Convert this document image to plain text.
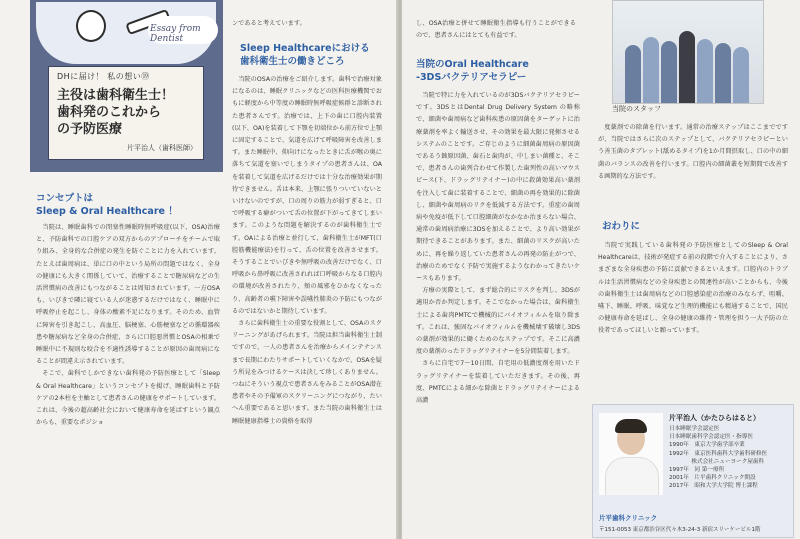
Essay from Dentist
DHに届け！ 私の想い⑲
主役は歯科衛生士！
歯科発のこれから
の予防医療
片平治人（歯科医師）
コンセプトは
Sleep & Oral Healthcare ！

当院は、睡眠歯科での閉塞性睡眠時無呼吸症(以下、OSA)治療と、予防歯科での口腔ケアの双方からのアプローチをチームで取り組み、全身的な合併症の発生を防ぐことに力を入れています。たとえば歯周病は、単に口の中という局所の問題ではなく、全身の健康にも大きく関係していて、治療することで糖尿病などの生活習慣病の改善にもつながることは周知されています。一方OSAも、いびきで隣に寝ている人が迷惑するだけではなく、睡眠中に呼吸停止を起こし、身体の酸素不足になります。そのため、血管に障害を引き起こし、高血圧、脳梗塞、心筋梗塞などの循環器疾患や糖尿病など全身の合併症、さらに口腔悪習慣とOSAの相乗で睡眠中に不規則な咬合を不適性誘導することが原因の歯周病になることが間違え示されています。

そこで、歯科でしかできない歯科発の予防医療として「Sleep & Oral Healthcare」というコンセプトを掲げ、睡眠歯科と予防ケアの2本柱を主軸として患者さんの健康をサポートしています。これは、今後の超高齢社会において健康寿命を延ばすという観点からも、重要なポジショ

ンであると考えています。

Sleep Healthcareにおける
歯科衛生士の働きどころ

当院のOSAの治療をご紹介します。歯科で治療対象になるのは、睡眠クリニックなどの医科医療機関でおもに軽度から中等度の睡眠時無呼吸症候群と診断された患者さんです。治療では、上下の歯に口腔内装置(以下、OA)を装着して下顎を切端位から前方位で上顎に固定することで、気道を広げて呼吸障害を改善します。また睡眠中、仰向けになったときに舌が喉の奥に落ちて気道を塞いでしまうタイプの患者さんは、OAを装着して気道を広げるだけでは十分な治療効果が期待できません。舌は本来、上顎に張りついていないといけないのですが、口の周りの筋力が弱すぎると、口で呼吸する癖がついて舌の位置が下がってきてしまいます。このような問題を解決するのが歯科衛生士です。OAによる治療と並行して、歯科衛生士がMFT(口腔筋機能療法)を行って、舌の位置を改善させます。そうすることでいびきや無呼吸の改善だけでなく、口呼吸から鼻呼吸に改善されれば口呼吸からなる口腔内の環境が改善されたり、頬の風邪をひかなくなったり、高齢者の嚥下障害や誤嚥性肺炎の予防にもつながるのではないかと期待しています。

さらに歯科衛生士の重要な役割として、OSAのスクリーニングがあげられます。当院は担当歯科衛生士制ですので、一人の患者さんを治療からメインテナンスまで長期にわたりサポートしていくなかで、OSAを疑う所見をみつけるケースは決して珍しくありません。つねにそういう視点で患者さんをみることがOSA潜在患者やその予備軍のスクリーニングにつながり、たいへん重要であると思います。また当院の歯科衛生士は睡眠健康指導士の資格を取得

し、OSA治療と併せて睡眠衛生指導も行うことができるので、患者さんにはとても有益です。

当院のOral Healthcare
-3DSバクテリアセラピー

当院で特に力を入れているのが3DSバクテリアセラピーです。3DSとはDental Drug Delivery System の略称で、細菌や歯周病など歯科疾患の原因菌をターゲットに治療薬剤を率よく輸送させ、その効果を最大限に発揮させるシステムのことです。ご存じのように細菌歯周病の原因菌であるう蝕原因菌、歯石と歯肉が、中しまい菌種と、そこで、患者さんの歯列合わせて作製した歯列性の高いマウスピース(下、ドラッグリテイナー)の中に殺菌効果高い薬剤を注入して歯に装着することで、細菌の再を効果的に除菌し、細菌や歯周病のリクを低減する方法です。重症の歯周病や免疫が低下して口腔細菌がなかなか治まらない場合、通常の歯周病治療に3DSを加えることで、より高い効果が期待できることがあります。また、細菌のリスクが高いために、再を繰り返していた患者さんの再発の防止がつで、治療のためでなく予防で実施するようなわかってきたいケースもあります。

方療の実際として、まず総合的にリスクを判し、3DSが適用か否か判定します。そこでなかった場合は、歯科衛生士による歯肉PMTCで機械的にバイオフィルムを取り除ます。これは、強固なバイオフィルムを機械壊す破壊し3DSの薬剤が効果的に働くためのなステップです。そこに高濃度の薬剤のったドラッグリテイナーを5分間装着します。

さらに自宅で7〜10日間、自宅用の低濃度剤を用いたドラッグリテイナーを装着していただきます。その後、再度、PMTCによる細かな除菌とドラッグリテイナーによる高濃

当院のスタッフ

度薬剤での除菌を行います。通常の治療ステップはここまでですが、当院ではさらに次のステップとして、バクテリアセラピーという善玉菌のタブレット(舐めるタイプ)を1か月間摂取し、口の中の細菌のバランスの改善を行います。口腔内の細菌叢を短期間で改善する画期的な方法です。

おわりに

当院で実践している歯科発の予防医療としてのSleep & Oral Healthcareは、技術が発症する前の段階で介入することにより、さまざまな全身疾患の予防に貢献できるといえます。口腔内のトラブルは生活習慣病などの全身疾患との関連性が高いことからも、今後の歯科衛生士は歯周病などの口腔感染症の治療のみならず、咀嚼、嚥下、睡眠、呼吸、味覚など生理的機能にも精通することで、国民の健康寿命を延ばし、全身の健康の維持・管理を担う一大予防の立役者であってほしいと願っています。

片平治人（かたひらはると）
日本睡眠学会認定医
日本睡眠歯科学会認定医・指導医
1990年　東京大学歯学部卒業
1992年　東京医科歯科大学歯科研修医
　　　　株式会社ニューヨーク屋歯科
1997年　同 第一療所
2001年　片平歯科クリニック開設
2017年　昭和大学大学院 博士課程
片平歯科クリニック
〒151-0053 東京都渋谷区代々木3-24-3 新宿スリーケービル1階
